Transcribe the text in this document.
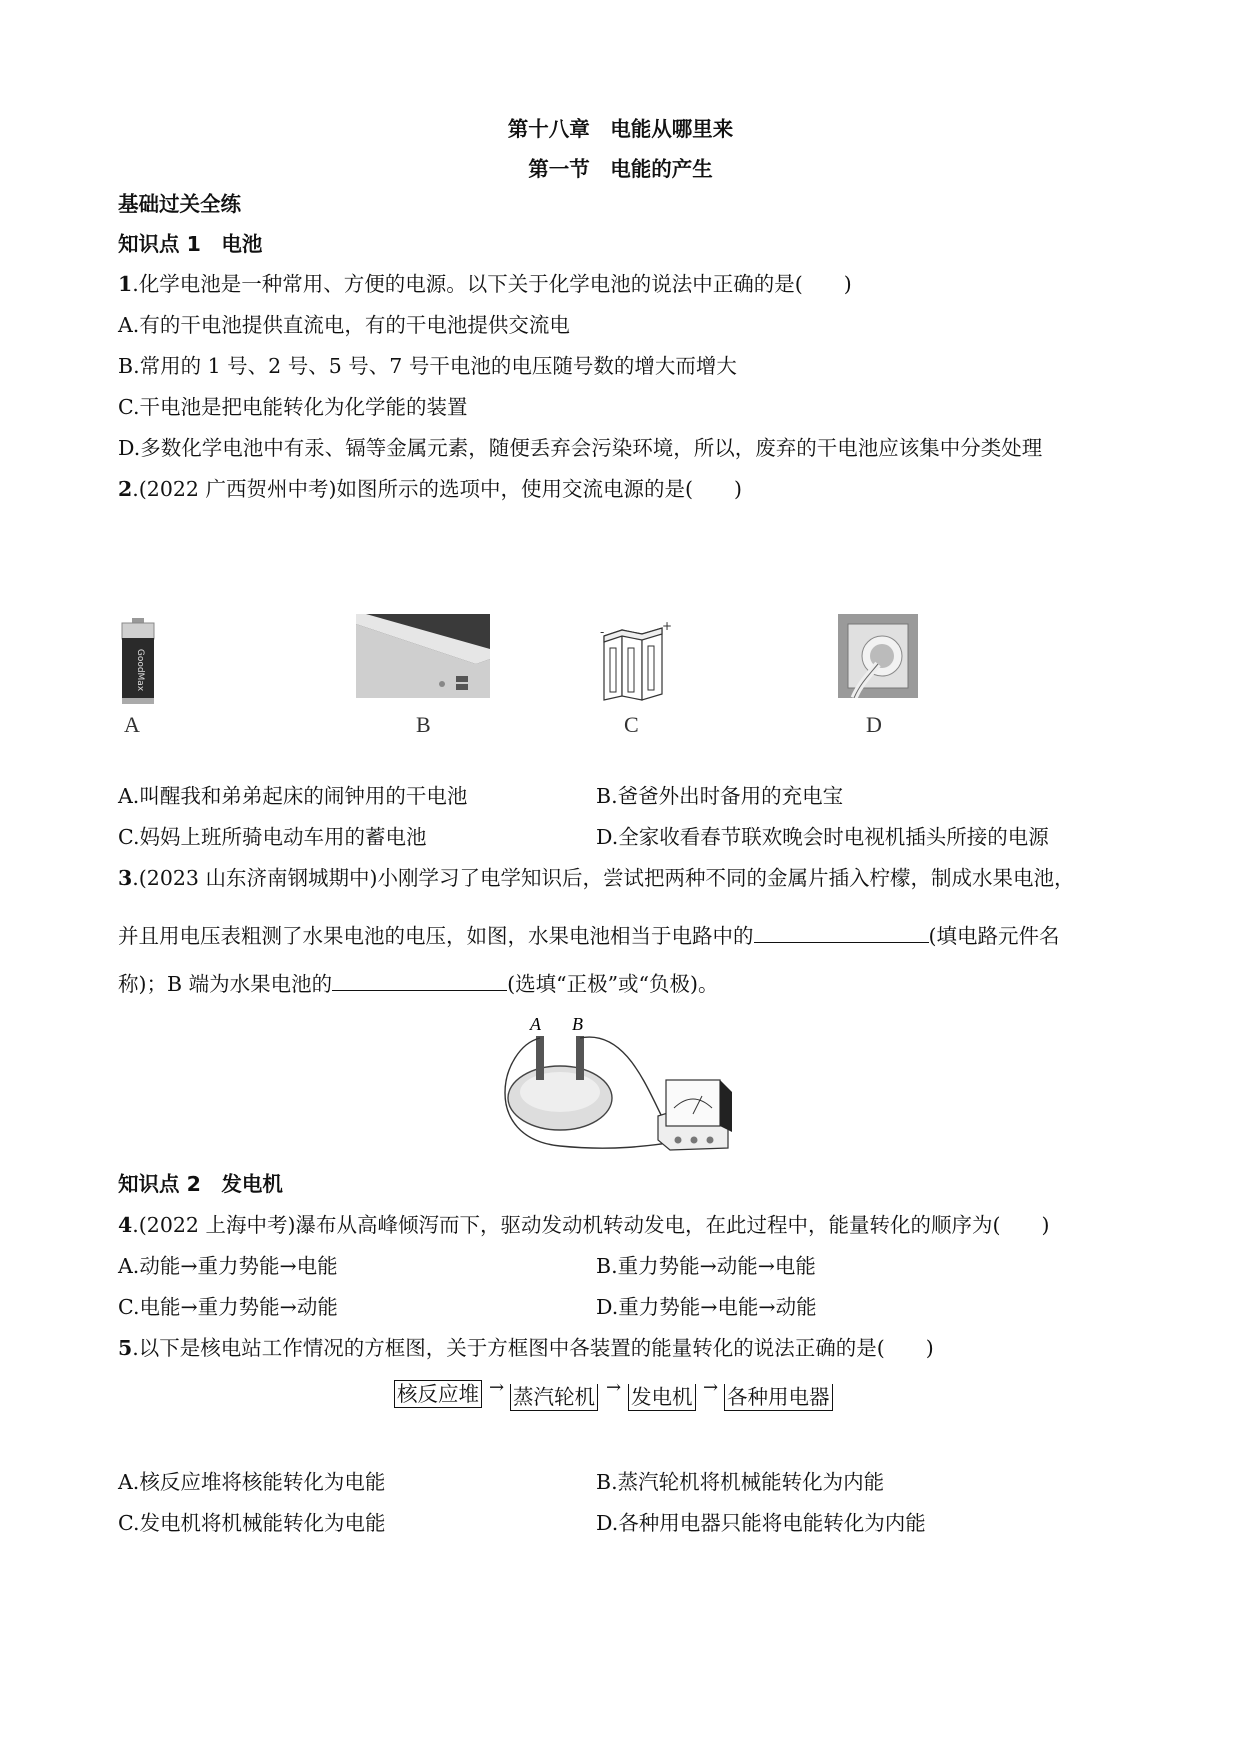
第十八章　电能从哪里来
第一节　电能的产生
基础过关全练
知识点 1　电池
1.化学电池是一种常用、方便的电源。以下关于化学电池的说法中正确的是(　　)
A.有的干电池提供直流电，有的干电池提供交流电
B.常用的 1 号、2 号、5 号、7 号干电池的电压随号数的增大而增大
C.干电池是把电能转化为化学能的装置
D.多数化学电池中有汞、镉等金属元素，随便丢弃会污染环境，所以，废弃的干电池应该集中分类处理
2.(2022 广西贺州中考)如图所示的选项中，使用交流电源的是(　　)
GoodMax
A	B
-	+
C	D
A.叫醒我和弟弟起床的闹钟用的干电池	B.爸爸外出时备用的充电宝
C.妈妈上班所骑电动车用的蓄电池	D.全家收看春节联欢晚会时电视机插头所接的电源
3.(2023 山东济南钢城期中)小刚学习了电学知识后，尝试把两种不同的金属片插入柠檬，制成水果电池，
并且用电压表粗测了水果电池的电压，如图，水果电池相当于电路中的	(填电路元件名
称)；B 端为水果电池的	(选填“正极”或“负极)。
A B
知识点 2　发电机
4.(2022 上海中考)瀑布从高峰倾泻而下，驱动发动机转动发电，在此过程中，能量转化的顺序为(　　)
A.动能→重力势能→电能	B.重力势能→动能→电能
C.电能→重力势能→动能	D.重力势能→电能→动能
5.以下是核电站工作情况的方框图，关于方框图中各装置的能量转化的说法正确的是(　　)
核反应堆 → 蒸汽轮机 → 发电机 → 各种用电器
A.核反应堆将核能转化为电能	B.蒸汽轮机将机械能转化为内能
C.发电机将机械能转化为电能	D.各种用电器只能将电能转化为内能
